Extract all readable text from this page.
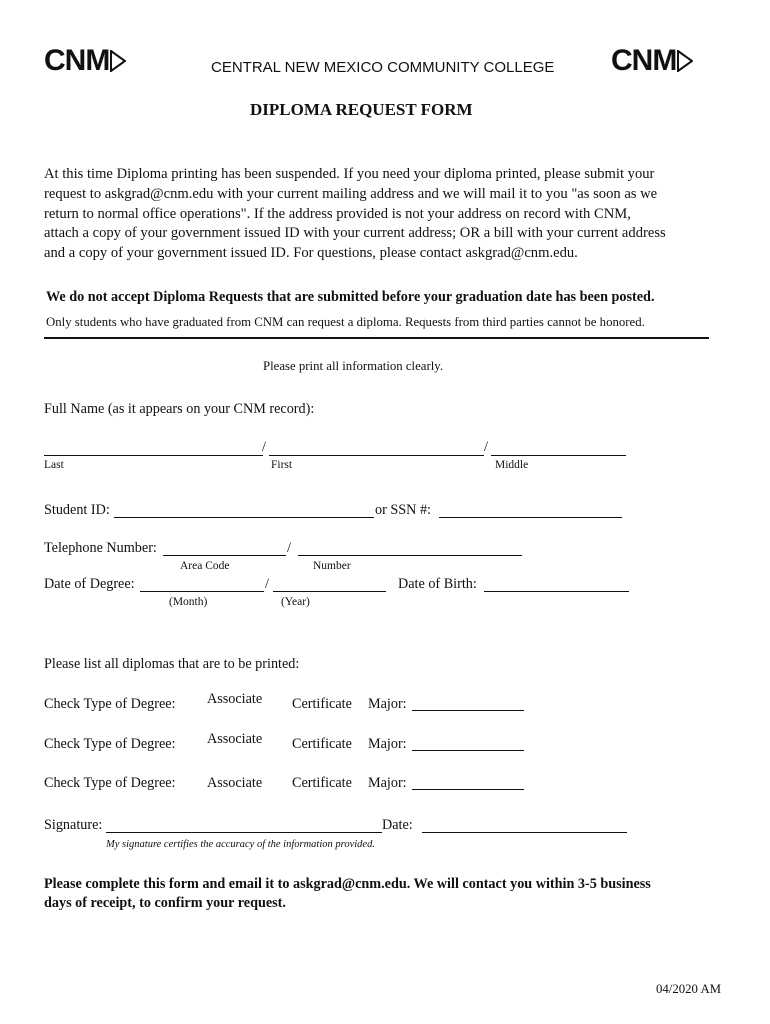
CNM	CNM
CENTRAL NEW MEXICO COMMUNITY COLLEGE
DIPLOMA REQUEST FORM
At this time Diploma printing has been suspended. If you need your diploma printed, please submit your
request to askgrad@cnm.edu with your current mailing address and we will mail it to you "as soon as we
return to normal office operations". If the address provided is not your address on record with CNM,
attach a copy of your government issued ID with your current address; OR a bill with your current address
and a copy of your government issued ID. For questions, please contact askgrad@cnm.edu.
We do not accept Diploma Requests that are submitted before your graduation date has been posted.
Only students who have graduated from CNM can request a diploma. Requests from third parties cannot be honored.
Please print all information clearly.
Full Name (as it appears on your CNM record):
/	/
Last	First	Middle
Student ID:	or SSN #:
Telephone Number:	/
Area Code	Number
Date of Degree:	/	Date of Birth:
(Month)	(Year)
Please list all diplomas that are to be printed:
Check Type of Degree: Associate Certificate Major:
Check Type of Degree: Associate Certificate Major:
Check Type of Degree: Associate Certificate Major:
Signature:	Date:
My signature certifies the accuracy of the information provided.
Please complete this form and email it to askgrad@cnm.edu. We will contact you within 3-5 business
days of receipt, to confirm your request.
04/2020 AM
